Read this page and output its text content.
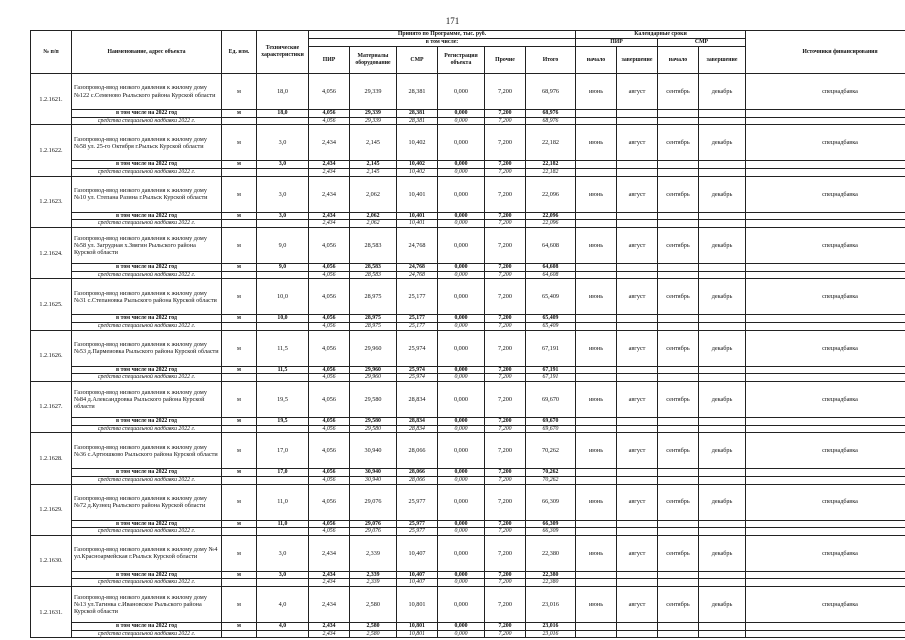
171
№ п/п	Наименование, адрес объекта	Ед. изм.	Технические характеристики	Принято по Программе, тыс. руб.						Календарные сроки				Источники финансирования
				в том числе:						ПИР		СМР		
				ПИР	Материалы оборудование	СМР	Регистрация объекта	Прочие	Итого	начало	завершение	начало	завершение	
1.2.1621.	Газопровод-ввод низкого давления к жилому дому №122 с.Семеново Рыльского района Курской области	м	18,0	4,056	29,339	28,381	0,000	7,200	68,976	июнь	август	сентябрь	декабрь	спецнадбавка
	в том числе на 2022 год	м	18,0	4,056	29,339	28,381	0,000	7,200	68,976					
	средства специальной надбавки 2022 г.			4,056	29,339	28,381	0,000	7,200	68,976					
1.2.1622.	Газопровод-ввод низкого давления к жилому дому №58 ул. 25-го Октября г.Рыльск Курской области	м	3,0	2,434	2,145	10,402	0,000	7,200	22,182	июнь	август	сентябрь	декабрь	спецнадбавка
	в том числе на 2022 год	м	3,0	2,434	2,145	10,402	0,000	7,200	22,182					
	средства специальной надбавки 2022 г.			2,434	2,145	10,402	0,000	7,200	22,182					
1.2.1623.	Газопровод-ввод низкого давления к жилому дому №10 ул. Степана Разина г.Рыльск Курской области	м	3,0	2,434	2,062	10,401	0,000	7,200	22,096	июнь	август	сентябрь	декабрь	спецнадбавка
	в том числе на 2022 год	м	3,0	2,434	2,062	10,401	0,000	7,200	22,096					
	средства специальной надбавки 2022 г.			2,434	2,062	10,401	0,000	7,200	22,096					
1.2.1624.	Газопровод-ввод низкого давления к жилому дому №58 ул. Загрудная х.Звягин Рыльского района Курской области	м	9,0	4,056	28,583	24,768	0,000	7,200	64,608	июнь	август	сентябрь	декабрь	спецнадбавка
	в том числе на 2022 год	м	9,0	4,056	28,583	24,768	0,000	7,200	64,608					
	средства специальной надбавки 2022 г.			4,056	28,583	24,768	0,000	7,200	64,608					
1.2.1625.	Газопровод-ввод низкого давления к жилому дому №31 с.Степановка Рыльского района Курской области	м	10,0	4,056	28,975	25,177	0,000	7,200	65,409	июнь	август	сентябрь	декабрь	спецнадбавка
	в том числе на 2022 год	м	10,0	4,056	28,975	25,177	0,000	7,200	65,409					
	средства специальной надбавки 2022 г.			4,056	28,975	25,177	0,000	7,200	65,409					
1.2.1626.	Газопровод-ввод низкого давления к жилому дому №53 д.Пармеиовка Рыльского района Курской области	м	11,5	4,056	29,960	25,974	0,000	7,200	67,191	июнь	август	сентябрь	декабрь	спецнадбавка
	в том числе на 2022 год	м	11,5	4,056	29,960	25,974	0,000	7,200	67,191					
	средства специальной надбавки 2022 г.			4,056	29,960	25,974	0,000	7,200	67,191					
1.2.1627.	Газопровод-ввод низкого давления к жилому дому №84 д.Александровка Рыльского района Курской области	м	19,5	4,056	29,580	28,834	0,000	7,200	69,670	июнь	август	сентябрь	декабрь	спецнадбавка
	в том числе на 2022 год	м	19,5	4,056	29,580	28,834	0,000	7,200	69,670					
	средства специальной надбавки 2022 г.			4,056	29,580	28,834	0,000	7,200	69,670					
1.2.1628.	Газопровод-ввод низкого давления к жилому дому №36 с.Артюшково Рыльского района Курской области	м	17,0	4,056	30,940	28,066	0,000	7,200	70,262	июнь	август	сентябрь	декабрь	спецнадбавка
	в том числе на 2022 год	м	17,0	4,056	30,940	28,066	0,000	7,200	70,262					
	средства специальной надбавки 2022 г.			4,056	30,940	28,066	0,000	7,200	70,262					
1.2.1629.	Газопровод-ввод низкого давления к жилому дому №72 д.Кузнец Рыльского района Курской области	м	11,0	4,056	29,076	25,977	0,000	7,200	66,309	июнь	август	сентябрь	декабрь	спецнадбавка
	в том числе на 2022 год	м	11,0	4,056	29,076	25,977	0,000	7,200	66,309					
	средства специальной надбавки 2022 г.			4,056	29,076	25,977	0,000	7,200	66,309					
1.2.1630.	Газопровод-ввод низкого давления к жилому дому №4 ул.Красноармейская г.Рыльск Курской области	м	3,0	2,434	2,339	10,407	0,000	7,200	22,380	июнь	август	сентябрь	декабрь	спецнадбавка
	в том числе на 2022 год	м	3,0	2,434	2,339	10,407	0,000	7,200	22,380					
	средства специальной надбавки 2022 г.			2,434	2,339	10,407	0,000	7,200	22,380					
1.2.1631.	Газопровод-ввод низкого давления к жилому дому №13 ул.Тагинка с.Ивановское Рыльского района Курской области	м	4,0	2,434	2,580	10,801	0,000	7,200	23,016	июнь	август	сентябрь	декабрь	спецнадбавка
	в том числе на 2022 год	м	4,0	2,434	2,580	10,801	0,000	7,200	23,016					
	средства специальной надбавки 2022 г.			2,434	2,580	10,801	0,000	7,200	23,016					
